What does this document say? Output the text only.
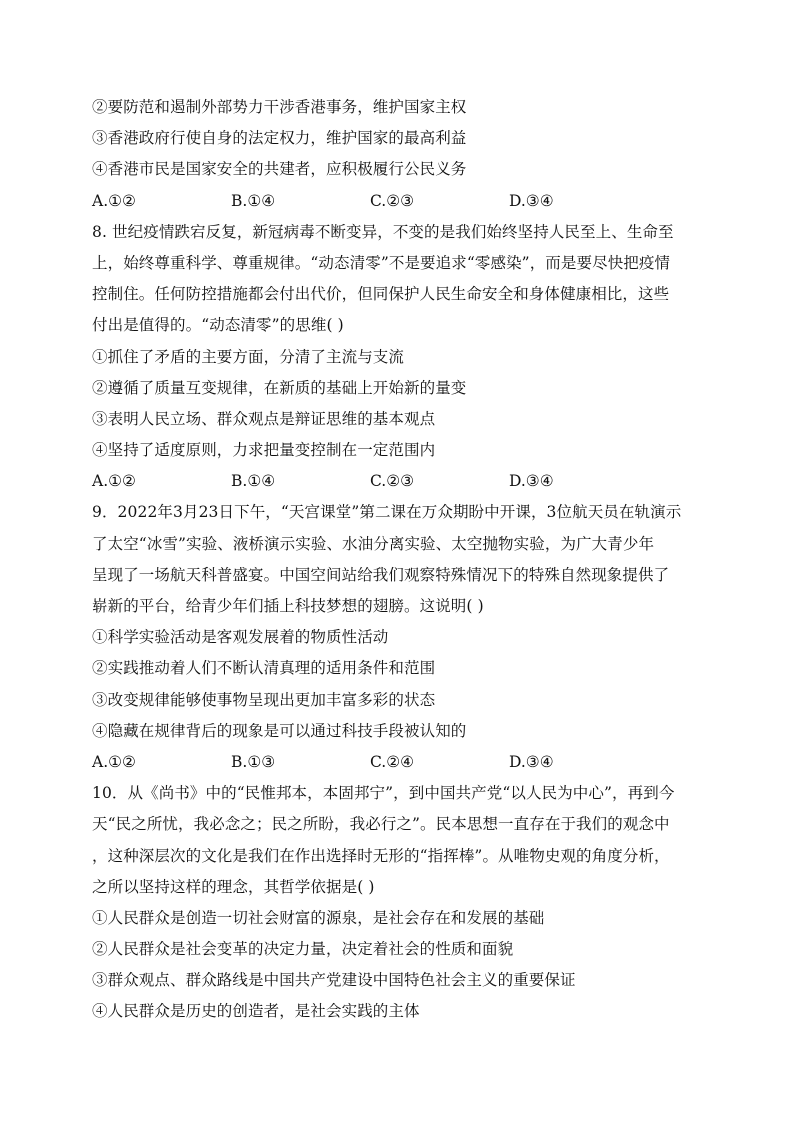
②要防范和遏制外部势力干涉香港事务，维护国家主权
③香港政府行使自身的法定权力，维护国家的最高利益
④香港市民是国家安全的共建者，应积极履行公民义务
A.①②	B.①④	C.②③	D.③④
8. 世纪疫情跌宕反复，新冠病毒不断变异，不变的是我们始终坚持人民至上、生命至
上，始终尊重科学、尊重规律。“动态清零”不是要追求“零感染”，而是要尽快把疫情
控制住。任何防控措施都会付出代价，但同保护人民生命安全和身体健康相比，这些
付出是值得的。“动态清零”的思维( )
①抓住了矛盾的主要方面，分清了主流与支流
②遵循了质量互变规律，在新质的基础上开始新的量变
③表明人民立场、群众观点是辩证思维的基本观点
④坚持了适度原则，力求把量变控制在一定范围内
A.①②	B.①④	C.②③	D.③④
9．2022年3月23日下午，“天宫课堂”第二课在万众期盼中开课，3位航天员在轨演示
了太空“冰雪”实验、液桥演示实验、水油分离实验、太空抛物实验，为广大青少年
呈现了一场航天科普盛宴。中国空间站给我们观察特殊情况下的特殊自然现象提供了
崭新的平台，给青少年们插上科技梦想的翅膀。这说明( )
①科学实验活动是客观发展着的物质性活动
②实践推动着人们不断认清真理的适用条件和范围
③改变规律能够使事物呈现出更加丰富多彩的状态
④隐藏在规律背后的现象是可以通过科技手段被认知的
A.①②	B.①③	C.②④	D.③④
10．从《尚书》中的“民惟邦本，本固邦宁”，到中国共产党“以人民为中心”，再到今
天“民之所忧，我必念之；民之所盼，我必行之”。民本思想一直存在于我们的观念中
，这种深层次的文化是我们在作出选择时无形的“指挥棒”。从唯物史观的角度分析，
之所以坚持这样的理念，其哲学依据是( )
①人民群众是创造一切社会财富的源泉，是社会存在和发展的基础
②人民群众是社会变革的决定力量，决定着社会的性质和面貌
③群众观点、群众路线是中国共产党建设中国特色社会主义的重要保证
④人民群众是历史的创造者，是社会实践的主体
